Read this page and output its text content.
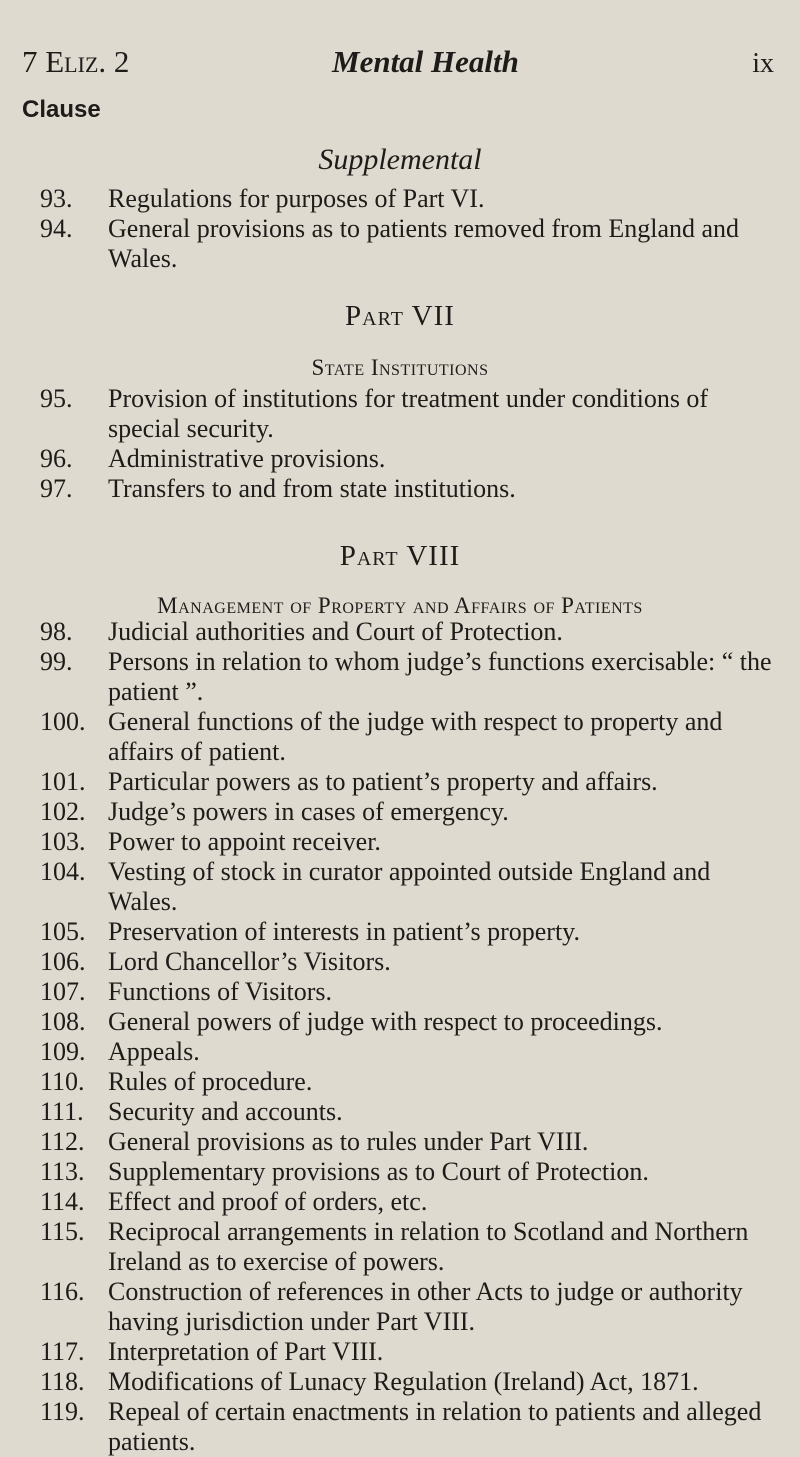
7 Eliz. 2	Mental Health	ix
Clause
Supplemental
93.	Regulations for purposes of Part VI.
94.	General provisions as to patients removed from England and Wales.
Part VII
State Institutions
95.	Provision of institutions for treatment under conditions of special security.
96.	Administrative provisions.
97.	Transfers to and from state institutions.
Part VIII
Management of Property and Affairs of Patients
98.	Judicial authorities and Court of Protection.
99.	Persons in relation to whom judge’s functions exercisable: “ the patient ”.
100. General functions of the judge with respect to property and affairs of patient.
101. Particular powers as to patient’s property and affairs.
102. Judge’s powers in cases of emergency.
103. Power to appoint receiver.
104. Vesting of stock in curator appointed outside England and Wales.
105. Preservation of interests in patient’s property.
106. Lord Chancellor’s Visitors.
107. Functions of Visitors.
108. General powers of judge with respect to proceedings.
109. Appeals.
110. Rules of procedure.
111. Security and accounts.
112. General provisions as to rules under Part VIII.
113. Supplementary provisions as to Court of Protection.
114. Effect and proof of orders, etc.
115. Reciprocal arrangements in relation to Scotland and Northern Ireland as to exercise of powers.
116. Construction of references in other Acts to judge or authority having jurisdiction under Part VIII.
117. Interpretation of Part VIII.
118. Modifications of Lunacy Regulation (Ireland) Act, 1871.
119. Repeal of certain enactments in relation to patients and alleged patients.
